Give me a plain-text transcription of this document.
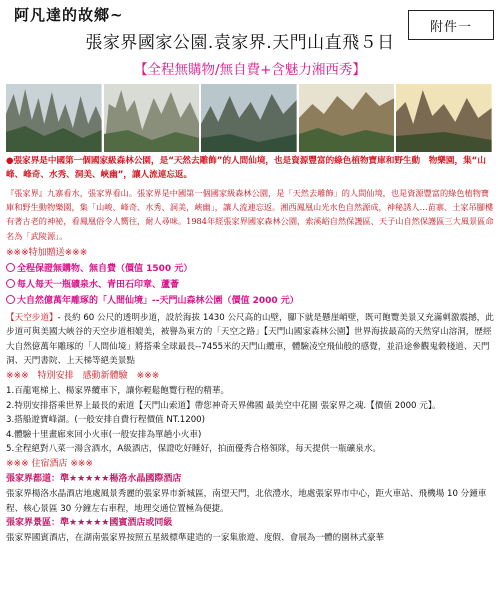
阿凡達的故鄉~
附件一
張家界國家公園.袁家界.天門山直飛５日
【全程無購物/無自費+含魅力湘西秀】

●張家界是中國第一個國家級森林公園，是“天然去雕飾”的人間仙境，也是資源豐富的綠色植物寶庫和野生動　物樂園，集“山峰、峰奇、水秀、洞美、峽幽”，讓人流連忘返。

『張家界』九寨看水，張家界看山。張家界是中國第一個國家級森林公園，是「天然去雕飾」的人間仙境，也是資源豐富的綠色植物寶庫和野生動物樂園，集「山峻、峰奇、水秀、洞美，峽幽」，讓人流連忘返。湘西鳳凰山光水色自然源成，神秘誘人…苗寨、土家吊腳樓有著古老的神祕，看鳳凰俗令人嚮往，耐人尋味。1984年經張家界國家森林公園，索溪峪自然保護區、天子山自然保護區三大風景區命名為「武陵源」。

※※※特加贈送※※※

全程保證無購物、無自費（價值 1500 元）

每人每天一瓶礦泉水、青田石印章、蘆薈

大自然億萬年雕琢的「人間仙境」--天門山森林公園（價值 2000 元）

【天空步道】- 長約 60 公尺的透明步道，設於海拔 1430 公尺高的山壁，腳下就是懸崖峭壁，既可飽覽美景又充滿刺激震撼，此步道可與美國大峽谷的天空步道相媲美，被譽為東方的「天空之路」【天門山國家森林公園】世界海拔最高的天然穿山溶洞，歷經大自然億萬年雕琢的「人間仙境」將搭乘全球最長--7455米的天門山纜車，體驗凌空飛仙般的感覺，並沿途參觀鬼穀棧道、天門洞、天門書院、上天梯等絕美景點

※※※　特別安排　感動新體驗　※※※

1.百龍電梯上、楊家界纜車下，讓你輕鬆飽覽行程的精華。

2.特別安排搭乘世界上最長的索道【天門山索道】帶您神奇天界佛國 最美空中花園 張家界之魂.【價值 2000 元】。

3.搭船遊寶峰湖。(一般安排自費行程價值 NT.1200)

4.體驗十里畫廊來回小火車(一般安排為單趟小火車)

5.全程絕對八菜一湯含酒水，A級酒店，保證吃好睡好，拍面優秀合格領隊，每天提供一瓶礦泉水。

※※※ 住宿酒店 ※※※

張家界都道：準★★★★★楊洛水晶國際酒店

張家界楊洛水晶酒店地處風景秀麗的張家界市新城區，南望天門，北依澧水，地處張家界市中心，距火車站、飛機場 10 分鐘車程、核心景區 30 分鐘左右車程，地理交通位置極為便捷。

張家界景區：準★★★★★國賓酒店或同級

張家界國賓酒店，在湖南張家界按照五星級標準建造的一家集旅遊、度假、會展為一體的園林式豪華
